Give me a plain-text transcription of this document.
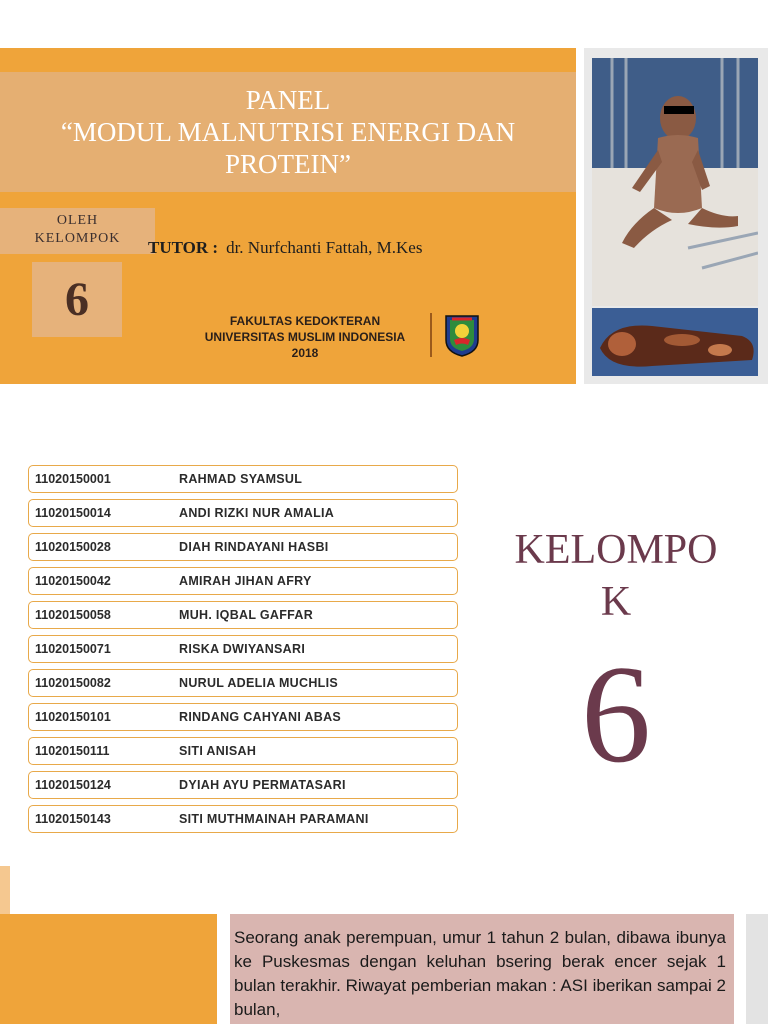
PANEL
“MODUL MALNUTRISI ENERGI DAN
PROTEIN”
OLEH
KELOMPOK
6
TUTOR : dr. Nurfchanti Fattah, M.Kes
FAKULTAS KEDOKTERAN
UNIVERSITAS MUSLIM INDONESIA
2018
11020150001	RAHMAD SYAMSUL
11020150014	ANDI RIZKI NUR AMALIA
11020150028	DIAH RINDAYANI HASBI
11020150042	AMIRAH JIHAN AFRY
11020150058	MUH. IQBAL GAFFAR
11020150071	RISKA DWIYANSARI
11020150082	NURUL ADELIA MUCHLIS
11020150101	RINDANG CAHYANI ABAS
11020150111	SITI ANISAH
11020150124	DYIAH AYU PERMATASARI
11020150143	SITI MUTHMAINAH PARAMANI
KELOMPO
K
6
Seorang anak perempuan, umur 1 tahun 2 bulan, dibawa ibunya ke Puskesmas dengan keluhan bsering berak encer sejak 1 bulan terakhir. Riwayat pemberian makan : ASI iberikan sampai 2 bulan,
